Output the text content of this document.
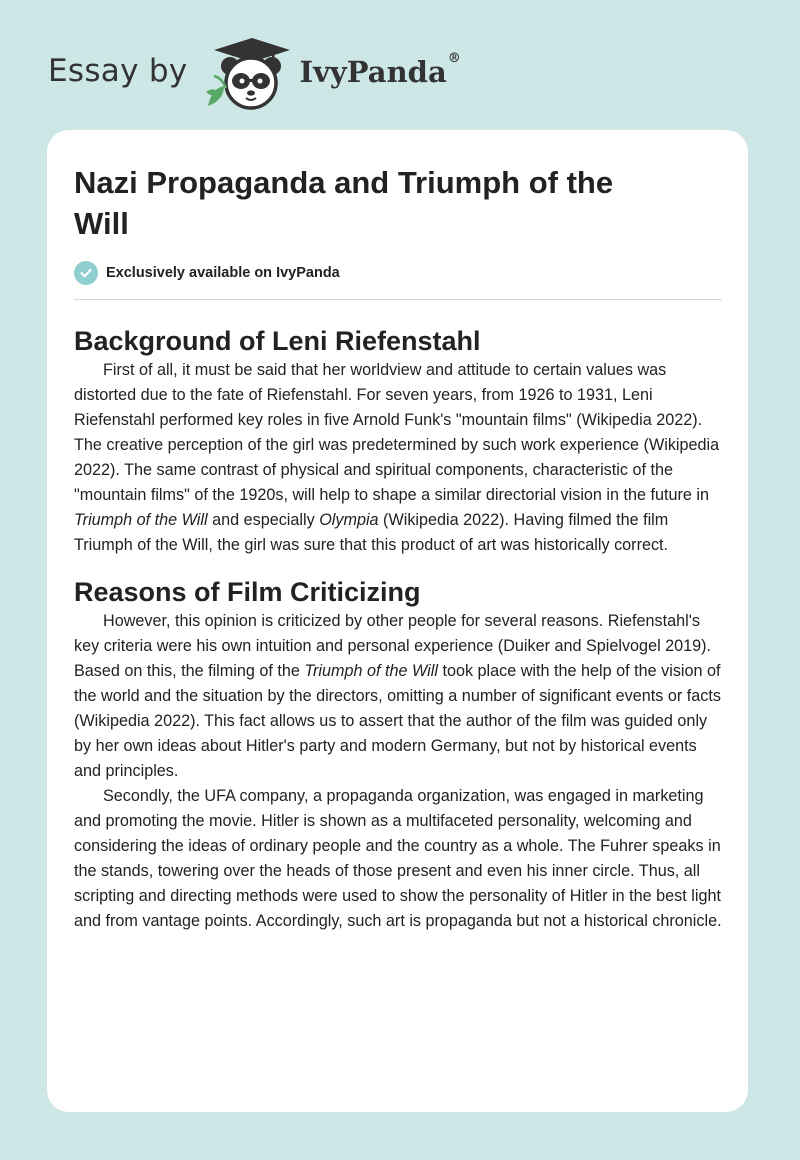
Essay by	IvyPanda®
Nazi Propaganda and Triumph of the Will
Exclusively available on IvyPanda
Background of Leni Riefenstahl

First of all, it must be said that her worldview and attitude to certain values was distorted due to the fate of Riefenstahl. For seven years, from 1926 to 1931, Leni Riefenstahl performed key roles in five Arnold Funk's "mountain films" (Wikipedia 2022). The creative perception of the girl was predetermined by such work experience (Wikipedia 2022). The same contrast of physical and spiritual components, characteristic of the "mountain films" of the 1920s, will help to shape a similar directorial vision in the future in Triumph of the Will and especially Olympia (Wikipedia 2022). Having filmed the film Triumph of the Will, the girl was sure that this product of art was historically correct.

Reasons of Film Criticizing

However, this opinion is criticized by other people for several reasons. Riefenstahl's key criteria were his own intuition and personal experience (Duiker and Spielvogel 2019). Based on this, the filming of the Triumph of the Will took place with the help of the vision of the world and the situation by the directors, omitting a number of significant events or facts (Wikipedia 2022). This fact allows us to assert that the author of the film was guided only by her own ideas about Hitler's party and modern Germany, but not by historical events and principles.

Secondly, the UFA company, a propaganda organization, was engaged in marketing and promoting the movie. Hitler is shown as a multifaceted personality, welcoming and considering the ideas of ordinary people and the country as a whole. The Fuhrer speaks in the stands, towering over the heads of those present and even his inner circle. Thus, all scripting and directing methods were used to show the personality of Hitler in the best light and from vantage points. Accordingly, such art is propaganda but not a historical chronicle.
